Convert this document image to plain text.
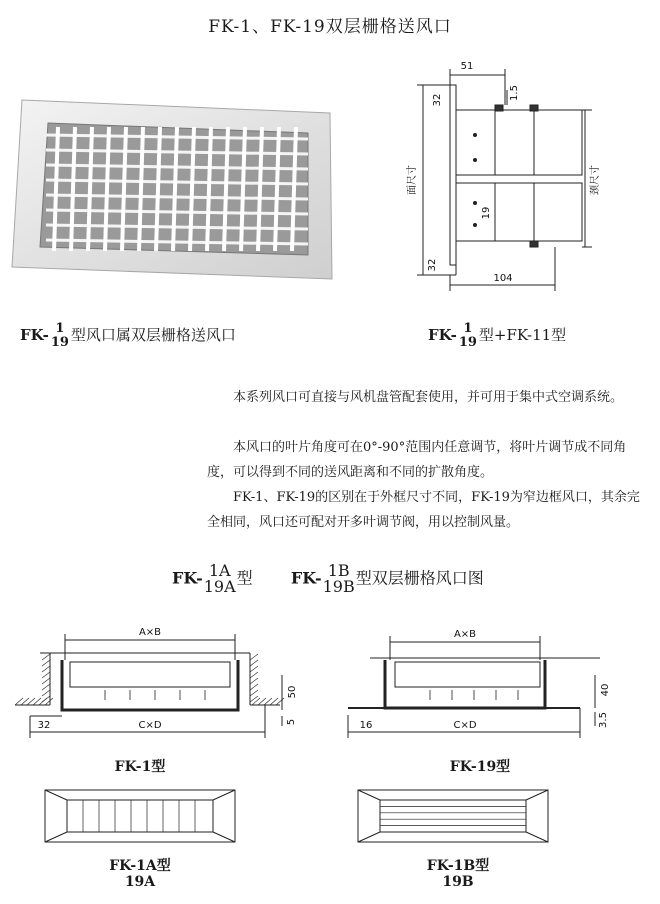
FK-1、FK-19双层栅格送风口
FK- 1
19 型风口属双层栅格送风口
51
32	1.5
面尺寸	颈尺寸
19
32
104
FK- 1
19 型+FK-11型

本系列风口可直接与风机盘管配套使用，并可用于集中式空调系统。

本风口的叶片角度可在0°-90°范围内任意调节，将叶片调节成不同角度，可以得到不同的送风距离和不同的扩散角度。

FK-1、FK-19的区别在于外框尺寸不同，FK-19为窄边框风口，其余完全相同，风口还可配对开多叶调节阀，用以控制风量。

FK- 1A
19A 型 FK- 1B
19B 型双层栅格风口图
A×B
C×D
32
50
5
FK-1型
A×B
C×D
16
40
3.5
FK-19型
FK-1A型
19A
FK-1B型
19B
